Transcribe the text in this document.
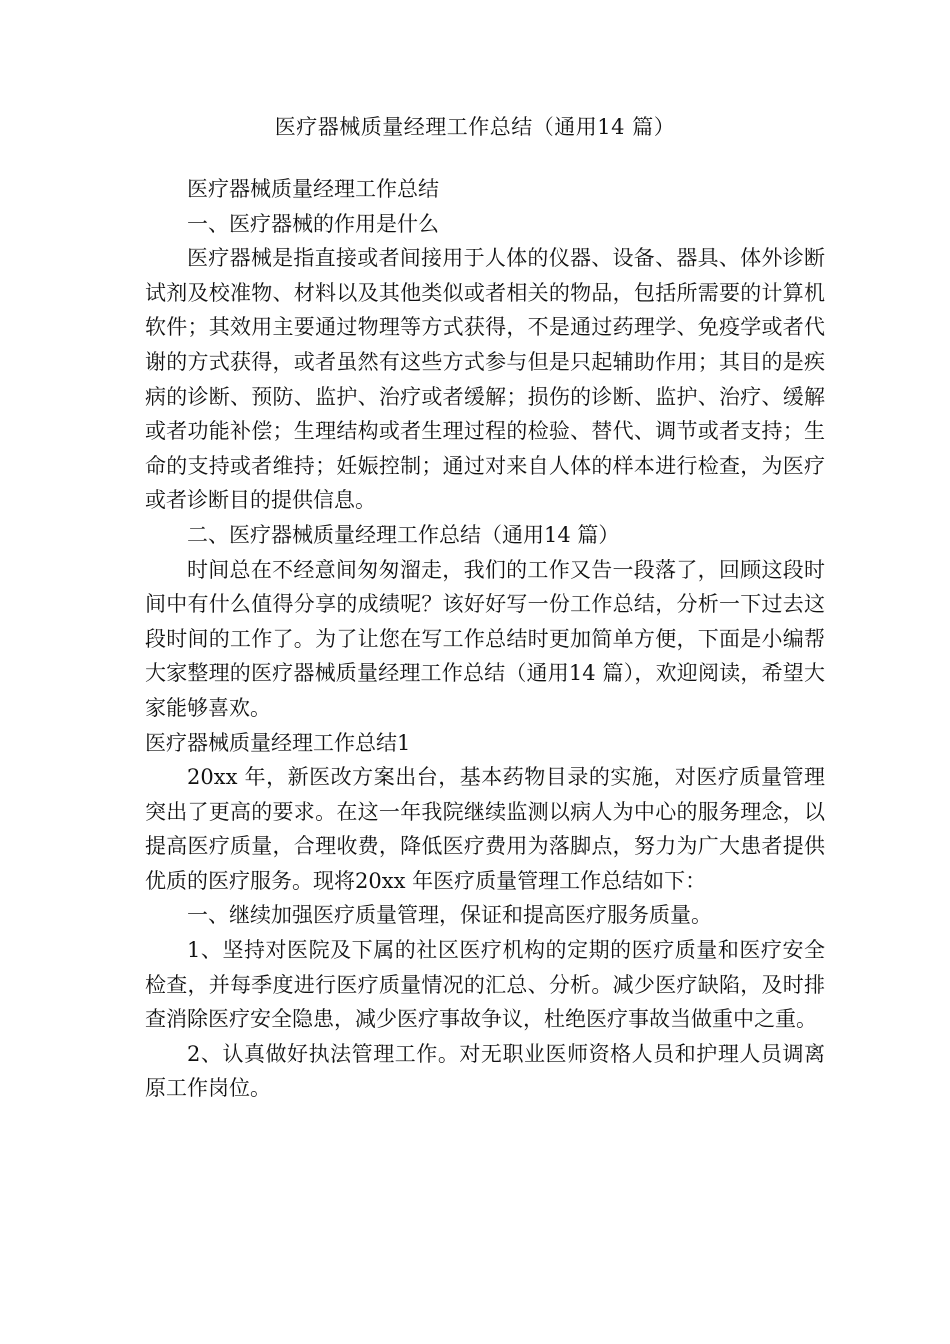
医疗器械质量经理工作总结（通用14 篇）

医疗器械质量经理工作总结

一、医疗器械的作用是什么

医疗器械是指直接或者间接用于人体的仪器、设备、器具、体外诊断试剂及校准物、材料以及其他类似或者相关的物品，包括所需要的计算机软件；其效用主要通过物理等方式获得，不是通过药理学、免疫学或者代谢的方式获得，或者虽然有这些方式参与但是只起辅助作用；其目的是疾病的诊断、预防、监护、治疗或者缓解；损伤的诊断、监护、治疗、缓解或者功能补偿；生理结构或者生理过程的检验、替代、调节或者支持；生命的支持或者维持；妊娠控制；通过对来自人体的样本进行检查，为医疗或者诊断目的提供信息。

二、医疗器械质量经理工作总结（通用14 篇）

时间总在不经意间匆匆溜走，我们的工作又告一段落了，回顾这段时间中有什么值得分享的成绩呢？该好好写一份工作总结，分析一下过去这段时间的工作了。为了让您在写工作总结时更加简单方便，下面是小编帮大家整理的医疗器械质量经理工作总结（通用14 篇），欢迎阅读，希望大家能够喜欢。

医疗器械质量经理工作总结1

20xx 年，新医改方案出台，基本药物目录的实施，对医疗质量管理突出了更高的要求。在这一年我院继续监测以病人为中心的服务理念，以提高医疗质量，合理收费，降低医疗费用为落脚点，努力为广大患者提供优质的医疗服务。现将20xx 年医疗质量管理工作总结如下：

一、继续加强医疗质量管理，保证和提高医疗服务质量。

1、坚持对医院及下属的社区医疗机构的定期的医疗质量和医疗安全检查，并每季度进行医疗质量情况的汇总、分析。减少医疗缺陷，及时排查消除医疗安全隐患，减少医疗事故争议，杜绝医疗事故当做重中之重。

2、认真做好执法管理工作。对无职业医师资格人员和护理人员调离原工作岗位。
